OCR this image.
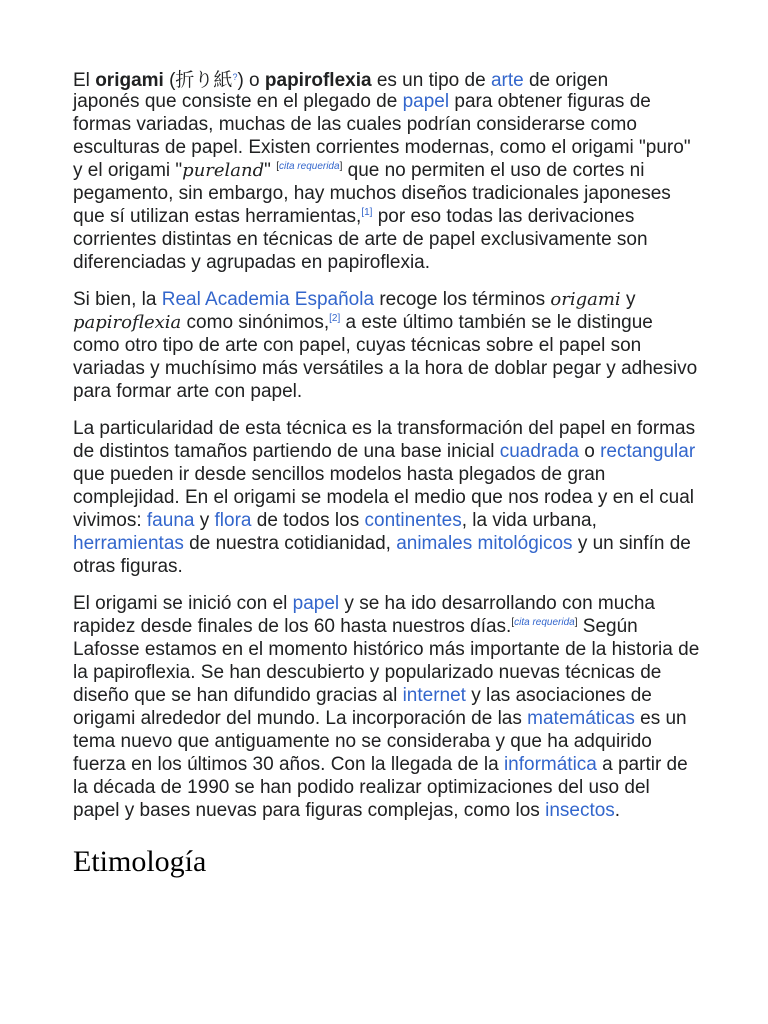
El origami (折り紙?) o papiroflexia es un tipo de arte de origen

japonés que consiste en el plegado de papel para obtener figuras de formas variadas, muchas de las cuales podrían considerarse como esculturas de papel. Existen corrientes modernas, como el origami "puro" y el origami "pureland" [cita requerida] que no permiten el uso de cortes ni pegamento, sin embargo, hay muchos diseños tradicionales japoneses que sí utilizan estas herramientas,[1] por eso todas las derivaciones corrientes distintas en técnicas de arte de papel exclusivamente son diferenciadas y agrupadas en papiroflexia.

Si bien, la Real Academia Española recoge los términos origami y papiroflexia como sinónimos,[2] a este último también se le distingue como otro tipo de arte con papel, cuyas técnicas sobre el papel son variadas y muchísimo más versátiles a la hora de doblar pegar y adhesivo para formar arte con papel.

La particularidad de esta técnica es la transformación del papel en formas de distintos tamaños partiendo de una base inicial cuadrada o rectangular que pueden ir desde sencillos modelos hasta plegados de gran complejidad. En el origami se modela el medio que nos rodea y en el cual vivimos: fauna y flora de todos los continentes, la vida urbana, herramientas de nuestra cotidianidad, animales mitológicos y un sinfín de otras figuras.

El origami se inició con el papel y se ha ido desarrollando con mucha rapidez desde finales de los 60 hasta nuestros días.[cita requerida] Según Lafosse estamos en el momento histórico más importante de la historia de la papiroflexia. Se han descubierto y popularizado nuevas técnicas de diseño que se han difundido gracias al internet y las asociaciones de origami alrededor del mundo. La incorporación de las matemáticas es un tema nuevo que antiguamente no se consideraba y que ha adquirido fuerza en los últimos 30 años. Con la llegada de la informática a partir de la década de 1990 se han podido realizar optimizaciones del uso del papel y bases nuevas para figuras complejas, como los insectos.

Etimología
